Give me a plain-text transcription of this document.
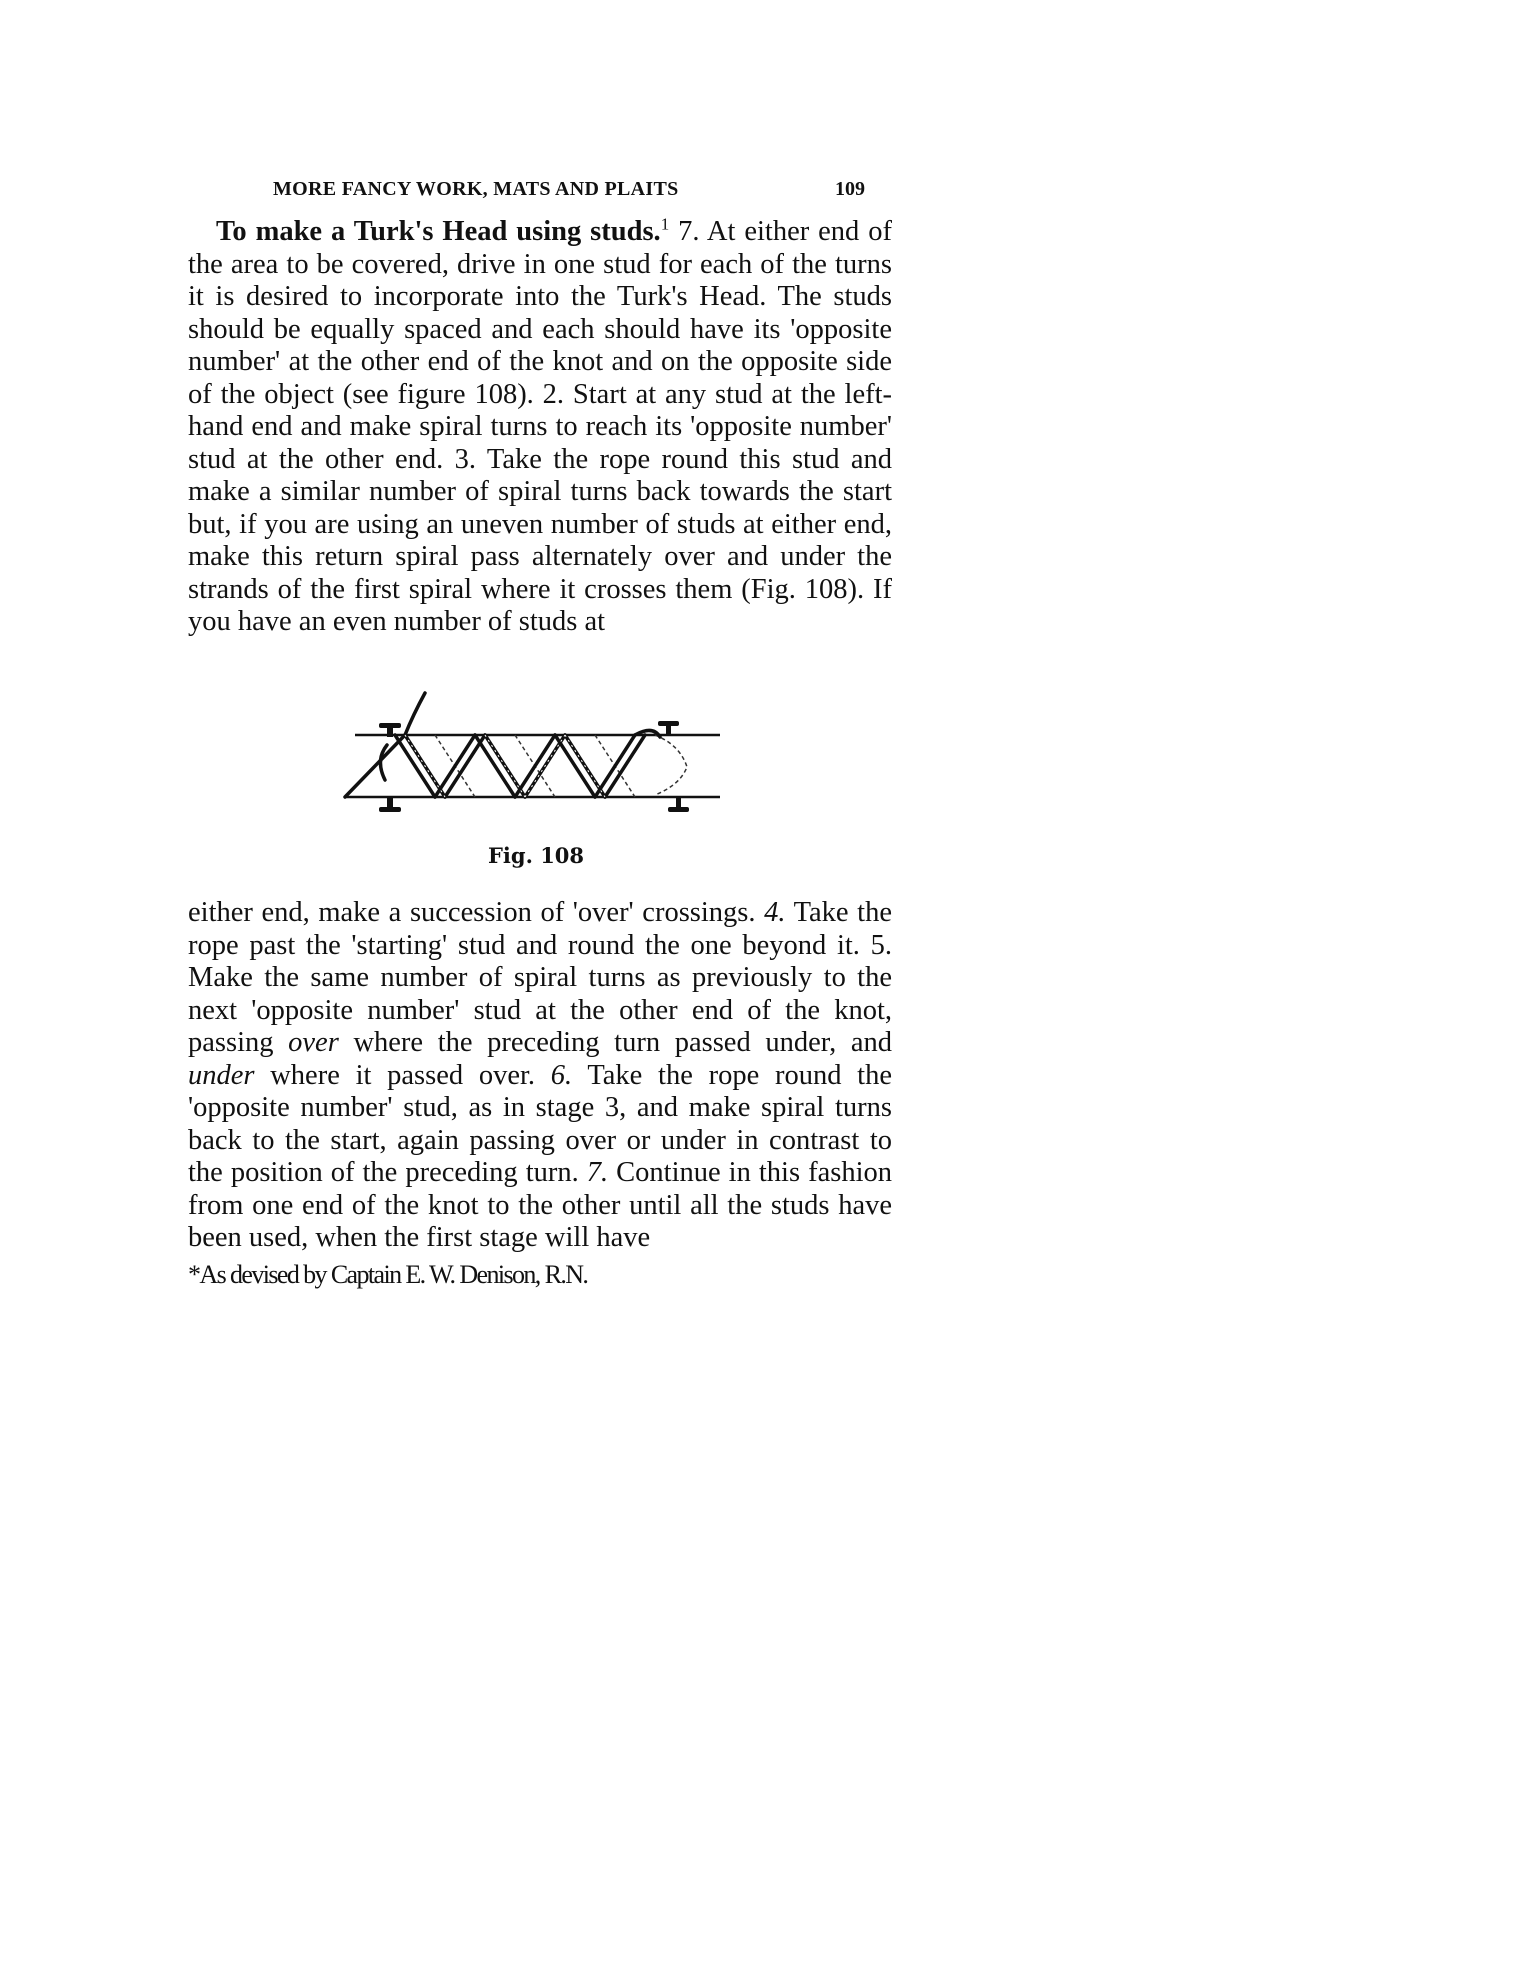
MORE FANCY WORK, MATS AND PLAITS	109

To make a Turk's Head using studs.$^1$ 7. At either end of the area to be covered, drive in one stud for each of the turns it is desired to incorporate into the Turk's Head. The studs should be equally spaced and each should have its 'opposite number' at the other end of the knot and on the opposite side of the object (see figure 108). 2. Start at any stud at the left-hand end and make spiral turns to reach its 'opposite number' stud at the other end. 3. Take the rope round this stud and make a similar number of spiral turns back towards the start but, if you are using an uneven number of studs at either end, make this return spiral pass alternately over and under the strands of the first spiral where it crosses them (Fig. 108). If you have an even number of studs at

Fig. 108

either end, make a succession of 'over' crossings. 4. Take the rope past the 'starting' stud and round the one beyond it. 5. Make the same number of spiral turns as previously to the next 'opposite number' stud at the other end of the knot, passing over where the preceding turn passed under, and under where it passed over. 6. Take the rope round the 'opposite number' stud, as in stage 3, and make spiral turns back to the start, again passing over or under in contrast to the position of the preceding turn. 7. Continue in this fashion from one end of the knot to the other until all the studs have been used, when the first stage will have

*As devised by Captain E. W. Denison, R.N.
